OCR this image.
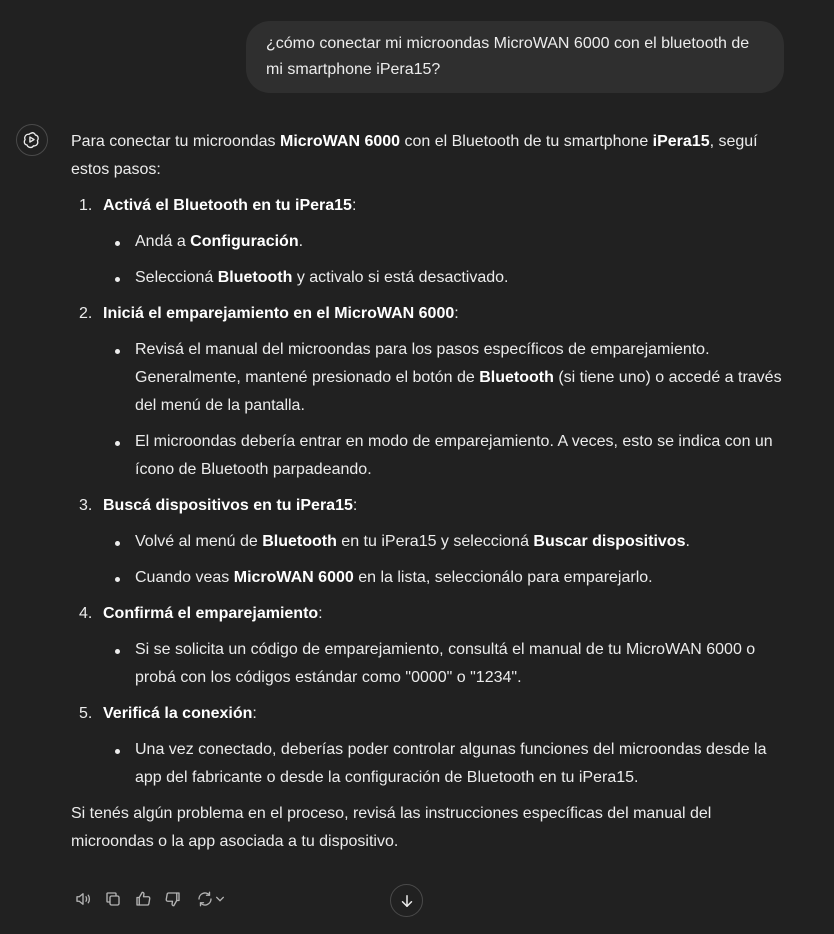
¿cómo conectar mi microondas MicroWAN 6000 con el bluetooth de mi smartphone iPera15?

Para conectar tu microondas MicroWAN 6000 con el Bluetooth de tu smartphone iPera15, seguí estos pasos:

1. Activá el Bluetooth en tu iPera15:
Andá a Configuración.
Seleccioná Bluetooth y activalo si está desactivado.
2. Iniciá el emparejamiento en el MicroWAN 6000:
Revisá el manual del microondas para los pasos específicos de emparejamiento. Generalmente, mantené presionado el botón de Bluetooth (si tiene uno) o accedé a través del menú de la pantalla.
El microondas debería entrar en modo de emparejamiento. A veces, esto se indica con un ícono de Bluetooth parpadeando.
3. Buscá dispositivos en tu iPera15:
Volvé al menú de Bluetooth en tu iPera15 y seleccioná Buscar dispositivos.
Cuando veas MicroWAN 6000 en la lista, seleccionálo para emparejarlo.
4. Confirmá el emparejamiento:
Si se solicita un código de emparejamiento, consultá el manual de tu MicroWAN 6000 o probá con los códigos estándar como "0000" o "1234".
5. Verificá la conexión:
Una vez conectado, deberías poder controlar algunas funciones del microondas desde la app del fabricante o desde la configuración de Bluetooth en tu iPera15.

Si tenés algún problema en el proceso, revisá las instrucciones específicas del manual del microondas o la app asociada a tu dispositivo.
